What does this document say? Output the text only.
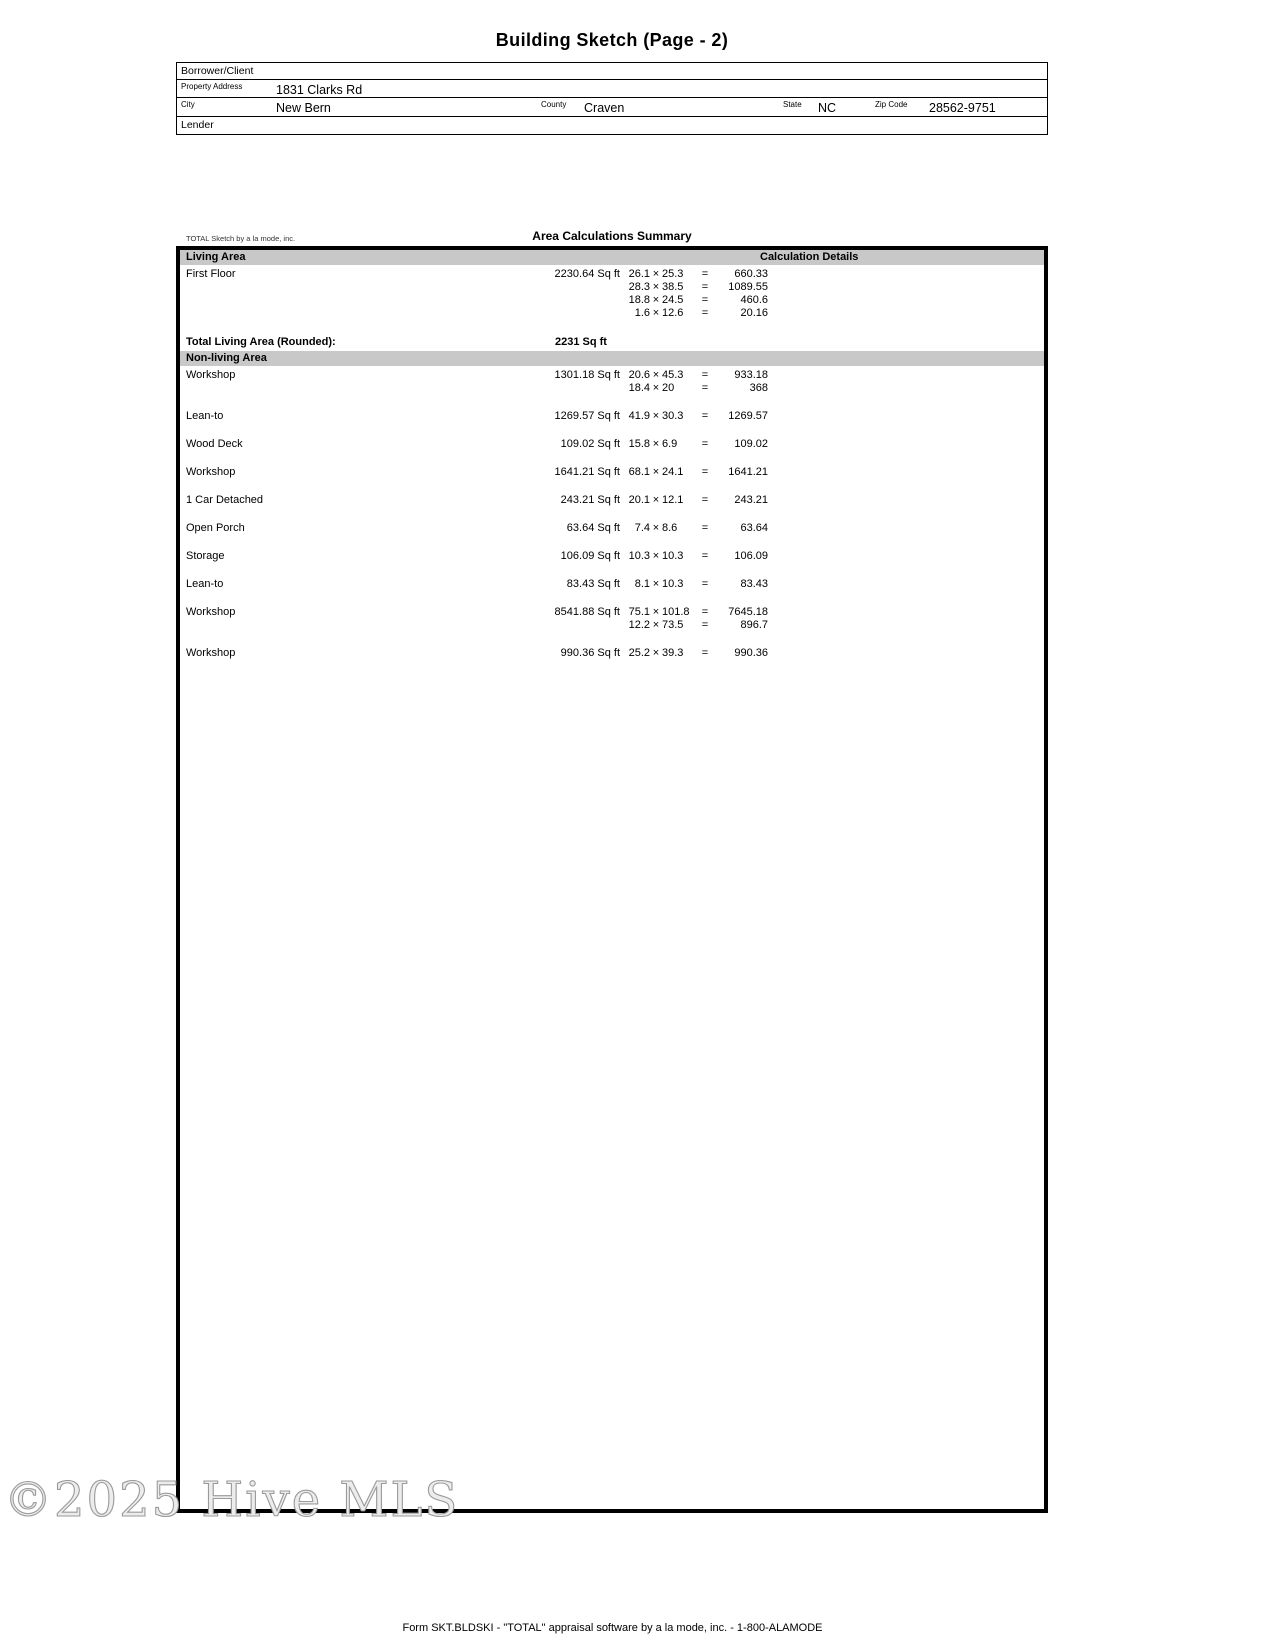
Building Sketch (Page - 2)
Borrower/Client
Property Address	1831 Clarks Rd
City	New Bern	County Craven	State NC	Zip Code 28562-9751
Lender
TOTAL Sketch by a la mode, inc.	Area Calculations Summary
Living Area	Calculation Details
First Floor	2230.64 Sq ft 26.1 × 25.3	=	660.33
28.3 × 38.5	=	1089.55
18.8 × 24.5	=	460.6
1.6 × 12.6	=	20.16
Total Living Area (Rounded):	2231 Sq ft
Non-living Area
Workshop	1301.18 Sq ft 20.6 × 45.3	=	933.18
18.4 × 20	=	368
Lean-to	1269.57 Sq ft 41.9 × 30.3	=	1269.57
Wood Deck	109.02 Sq ft 15.8 × 6.9	=	109.02
Workshop	1641.21 Sq ft 68.1 × 24.1	=	1641.21
1 Car Detached	243.21 Sq ft 20.1 × 12.1	=	243.21
Open Porch	63.64 Sq ft	7.4 × 8.6	=	63.64
Storage	106.09 Sq ft 10.3 × 10.3	=	106.09
Lean-to	83.43 Sq ft	8.1 × 10.3	=	83.43
Workshop	8541.88 Sq ft 75.1 × 101.8	=	7645.18
12.2 × 73.5	=	896.7
Workshop	990.36 Sq ft 25.2 × 39.3	=	990.36
©2025 Hive MLS
Form SKT.BLDSKI - "TOTAL" appraisal software by a la mode, inc. - 1-800-ALAMODE
